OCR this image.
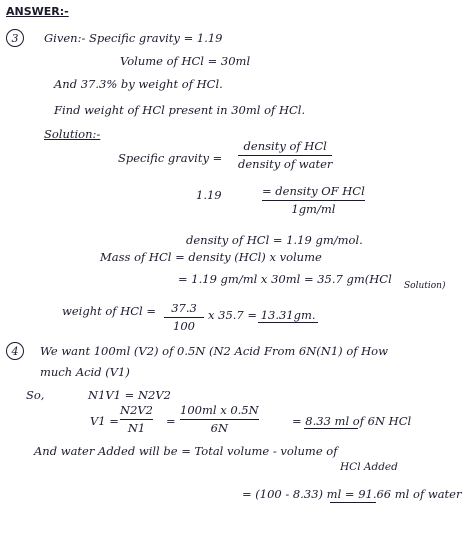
ANSWER:-
3 Given:- Specific gravity = 1.19
Volume of HCl = 30ml
And 37.3% by weight of HCl.
Find weight of HCl present in 30ml of HCl.
Solution:-
Specific gravity =
density of HCl
density of water
1.19	= density OF HCl
1gm/ml
density of HCl = 1.19 gm/mol.
Mass of HCl = density (HCl) x volume
= 1.19 gm/ml x 30ml = 35.7 gm(HCl Solution)
weight of HCl = 37.3
100
x 35.7 = 13.31gm.
4 We want 100ml (V2) of 0.5N (N2 Acid From 6N(N1) of How
much Acid (V1)
So,	N1V1 = N2V2
V1 =
N2V2
N1 =
100ml x 0.5N
6N	= 8.33 ml of 6N HCl
And water Added will be = Total volume - volume of
HCl Added
= (100 - 8.33) ml = 91.66 ml of water
